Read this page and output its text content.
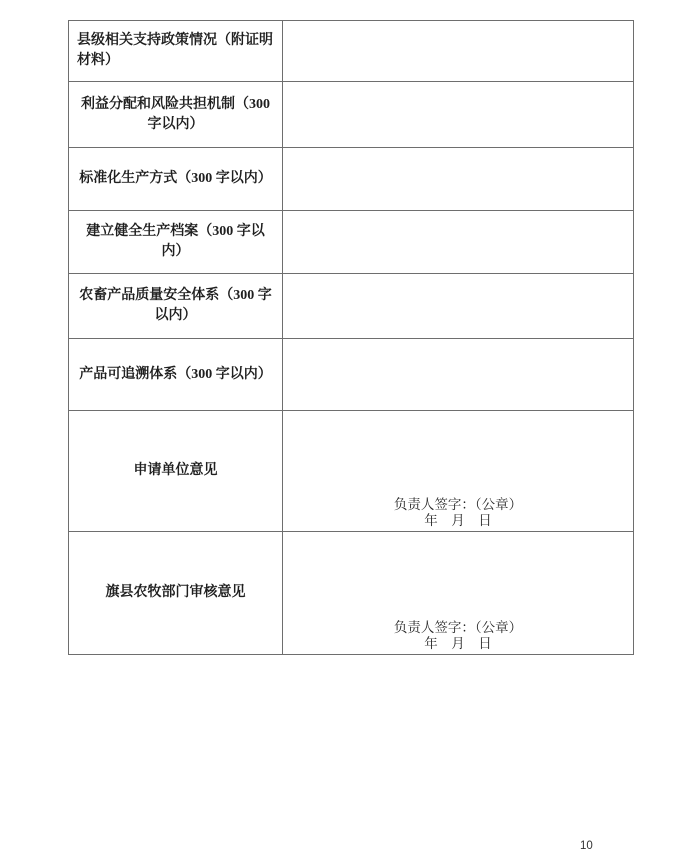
县级相关支持政策情况（附证明材料）
利益分配和风险共担机制（300 字以内）
标准化生产方式（300 字以内）
建立健全生产档案（300 字以内）
农畜产品质量安全体系（300 字以内）
产品可追溯体系（300 字以内）
申请单位意见
负责人签字：（公章）
年　月　日
旗县农牧部门审核意见
负责人签字：（公章）
年　月　日
10
